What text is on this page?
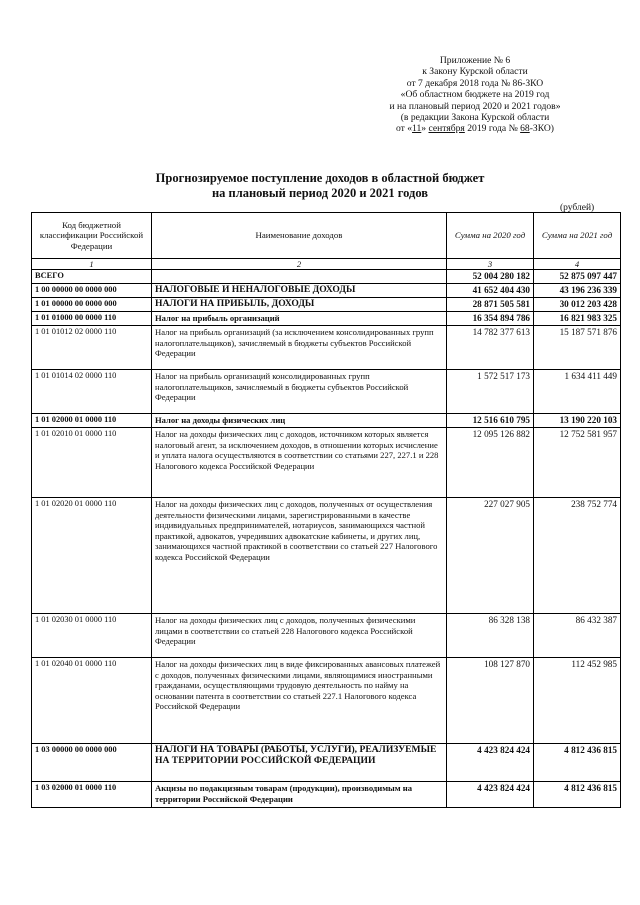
Приложение № 6
к Закону Курской области
от 7 декабря 2018 года № 86-ЗКО
«Об областном бюджете на 2019 год
и на плановый период 2020 и 2021 годов»
(в редакции Закона Курской области
от «11» сентября 2019 года № 68-ЗКО)
Прогнозируемое поступление доходов в областной бюджет
на плановый период 2020 и 2021 годов
(рублей)
Код бюджетной классификации Российской Федерации	Наименование доходов	Сумма на 2020 год	Сумма на 2021 год
1	2	3	4
ВСЕГО		52 004 280 182	52 875 097 447
1 00 00000 00 0000 000	НАЛОГОВЫЕ И НЕНАЛОГОВЫЕ ДОХОДЫ	41 652 404 430	43 196 236 339
1 01 00000 00 0000 000	НАЛОГИ НА ПРИБЫЛЬ, ДОХОДЫ	28 871 505 581	30 012 203 428
1 01 01000 00 0000 110	Налог на прибыль организаций	16 354 894 786	16 821 983 325
1 01 01012 02 0000 110	Налог на прибыль организаций (за исключением консолидированных групп налогоплательщиков), зачисляемый в бюджеты субъектов Российской Федерации	14 782 377 613	15 187 571 876
1 01 01014 02 0000 110	Налог на прибыль организаций консолидированных групп налогоплательщиков, зачисляемый в бюджеты субъектов Российской Федерации	1 572 517 173	1 634 411 449
1 01 02000 01 0000 110	Налог на доходы физических лиц	12 516 610 795	13 190 220 103
1 01 02010 01 0000 110	Налог на доходы физических лиц с доходов, источником которых является налоговый агент, за исключением доходов, в отношении которых исчисление и уплата налога осуществляются в соответствии со статьями 227, 227.1 и 228 Налогового кодекса Российской Федерации	12 095 126 882	12 752 581 957
1 01 02020 01 0000 110	Налог на доходы физических лиц с доходов, полученных от осуществления деятельности физическими лицами, зарегистрированными в качестве индивидуальных предпринимателей, нотариусов, занимающихся частной практикой, адвокатов, учредивших адвокатские кабинеты, и других лиц, занимающихся частной практикой в соответствии со статьей 227 Налогового кодекса Российской Федерации	227 027 905	238 752 774
1 01 02030 01 0000 110	Налог на доходы физических лиц с доходов, полученных физическими лицами в соответствии со статьей 228 Налогового кодекса Российской Федерации	86 328 138	86 432 387
1 01 02040 01 0000 110	Налог на доходы физических лиц в виде фиксированных авансовых платежей с доходов, полученных физическими лицами, являющимися иностранными гражданами, осуществляющими трудовую деятельность по найму на основании патента в соответствии со статьей 227.1 Налогового кодекса Российской Федерации	108 127 870	112 452 985
1 03 00000 00 0000 000	НАЛОГИ НА ТОВАРЫ (РАБОТЫ, УСЛУГИ), РЕАЛИЗУЕМЫЕ НА ТЕРРИТОРИИ РОССИЙСКОЙ ФЕДЕРАЦИИ	4 423 824 424	4 812 436 815
1 03 02000 01 0000 110	Акцизы по подакцизным товарам (продукции), производимым на территории Российской Федерации	4 423 824 424	4 812 436 815
